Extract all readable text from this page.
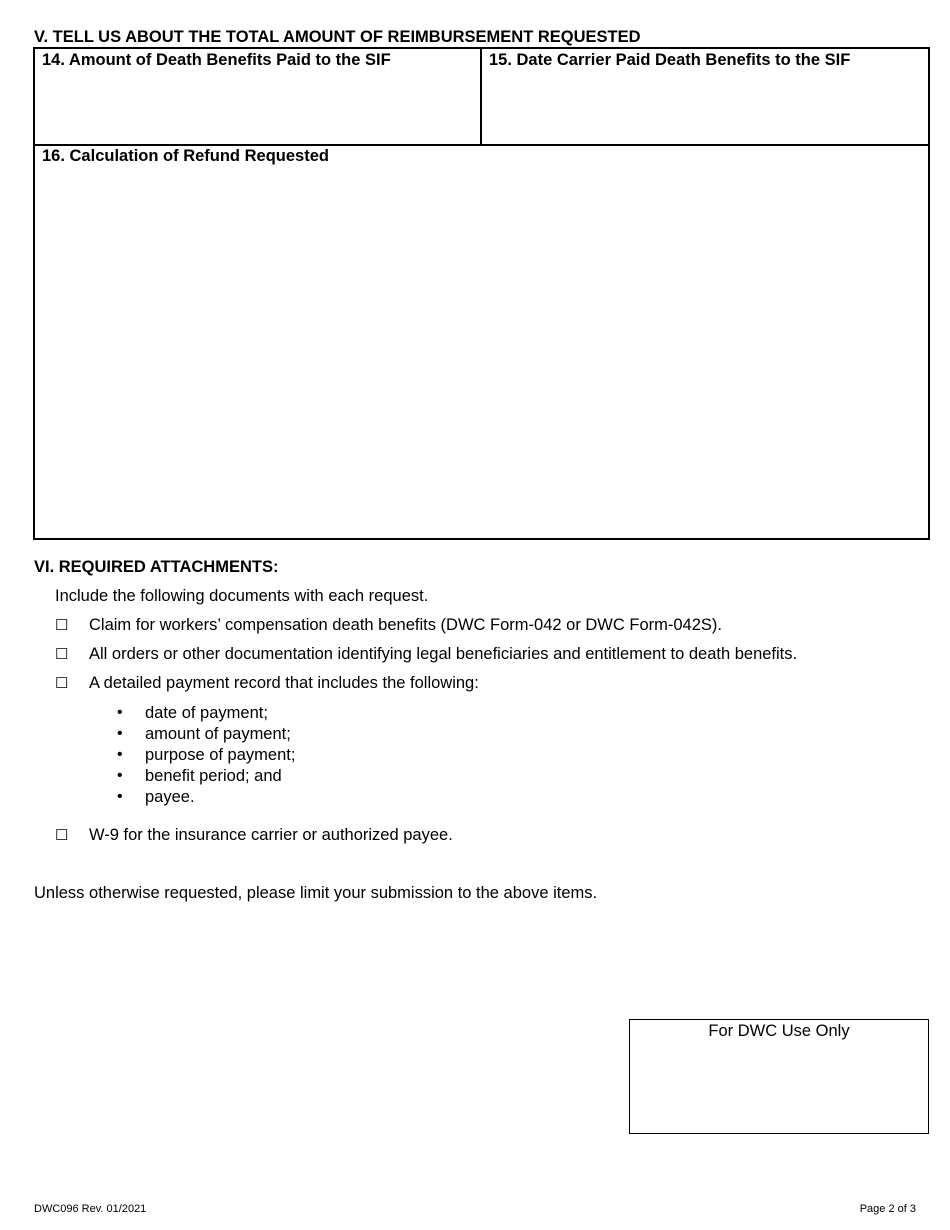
V. TELL US ABOUT THE TOTAL AMOUNT OF REIMBURSEMENT REQUESTED
14. Amount of Death Benefits Paid to the SIF	15. Date Carrier Paid Death Benefits to the SIF
16. Calculation of Refund Requested
VI. REQUIRED ATTACHMENTS:
Include the following documents with each request.
☐ Claim for workers’ compensation death benefits (DWC Form-042 or DWC Form-042S).
☐ All orders or other documentation identifying legal beneficiaries and entitlement to death benefits.
☐ A detailed payment record that includes the following:
• date of payment;
• amount of payment;
• purpose of payment;
• benefit period; and
• payee.
☐ W-9 for the insurance carrier or authorized payee.
Unless otherwise requested, please limit your submission to the above items.
For DWC Use Only
DWC096 Rev. 01/2021	Page 2 of 3
